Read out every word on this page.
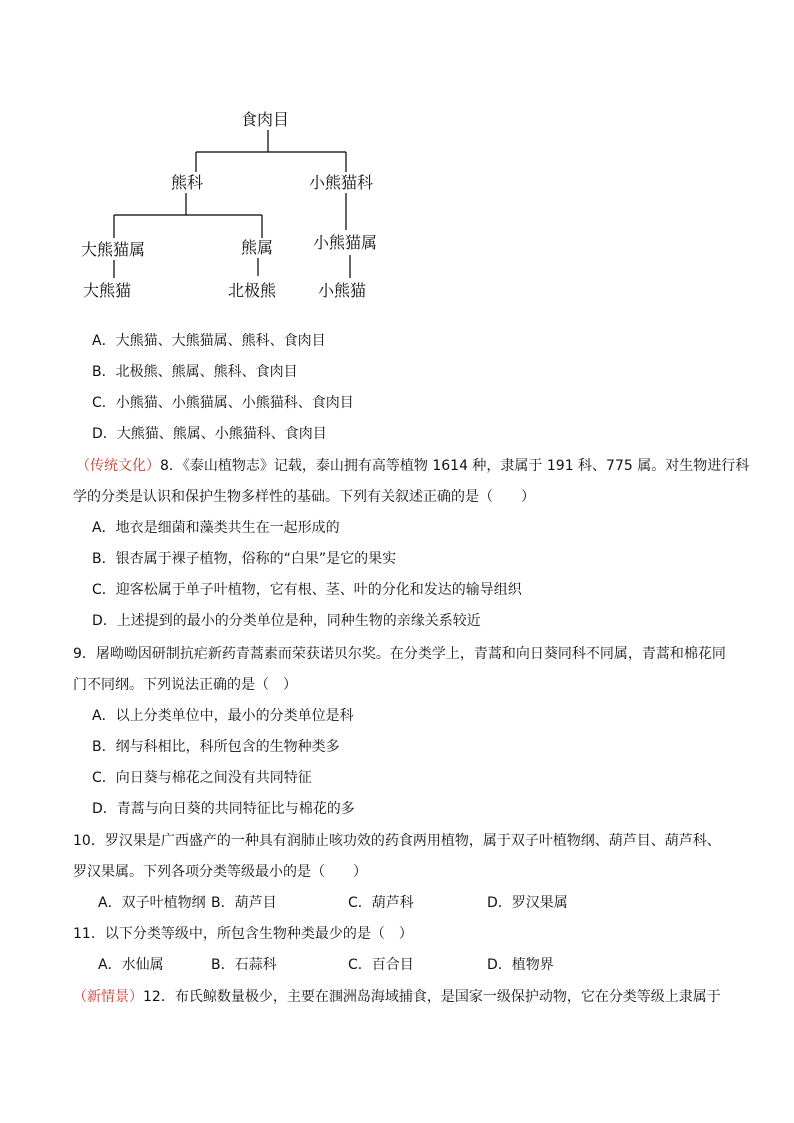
食肉目
熊科	小熊猫科
大熊猫属	熊属 小熊猫属
大熊猫	北极熊	小熊猫
A．大熊猫、大熊猫属、熊科、食肉目
B．北极熊、熊属、熊科、食肉目
C．小熊猫、小熊猫属、小熊猫科、食肉目
D．大熊猫、熊属、小熊猫科、食肉目
（传统文化）8．《泰山植物志》记载，泰山拥有高等植物 1614 种，隶属于 191 科、775 属。对生物进行科
学的分类是认识和保护生物多样性的基础。下列有关叙述正确的是（　　）
A．地衣是细菌和藻类共生在一起形成的
B．银杏属于裸子植物，俗称的“白果”是它的果实
C．迎客松属于单子叶植物，它有根、茎、叶的分化和发达的输导组织
D．上述提到的最小的分类单位是种，同种生物的亲缘关系较近
9．屠呦呦因研制抗疟新药青蒿素而荣获诺贝尔奖。在分类学上，青蒿和向日葵同科不同属，青蒿和棉花同
门不同纲。下列说法正确的是（　）
A．以上分类单位中，最小的分类单位是科
B．纲与科相比，科所包含的生物种类多
C．向日葵与棉花之间没有共同特征
D．青蒿与向日葵的共同特征比与棉花的多
10．罗汉果是广西盛产的一种具有润肺止咳功效的药食两用植物，属于双子叶植物纲、葫芦目、葫芦科、
罗汉果属。下列各项分类等级最小的是（　　）
A．双子叶植物纲 B．葫芦目	C．葫芦科	D．罗汉果属
11．以下分类等级中，所包含生物种类最少的是（　）
A．水仙属	B．石蒜科	C．百合目	D．植物界
（新情景）12．布氏鲸数量极少，主要在涠洲岛海域捕食，是国家一级保护动物，它在分类等级上隶属于
